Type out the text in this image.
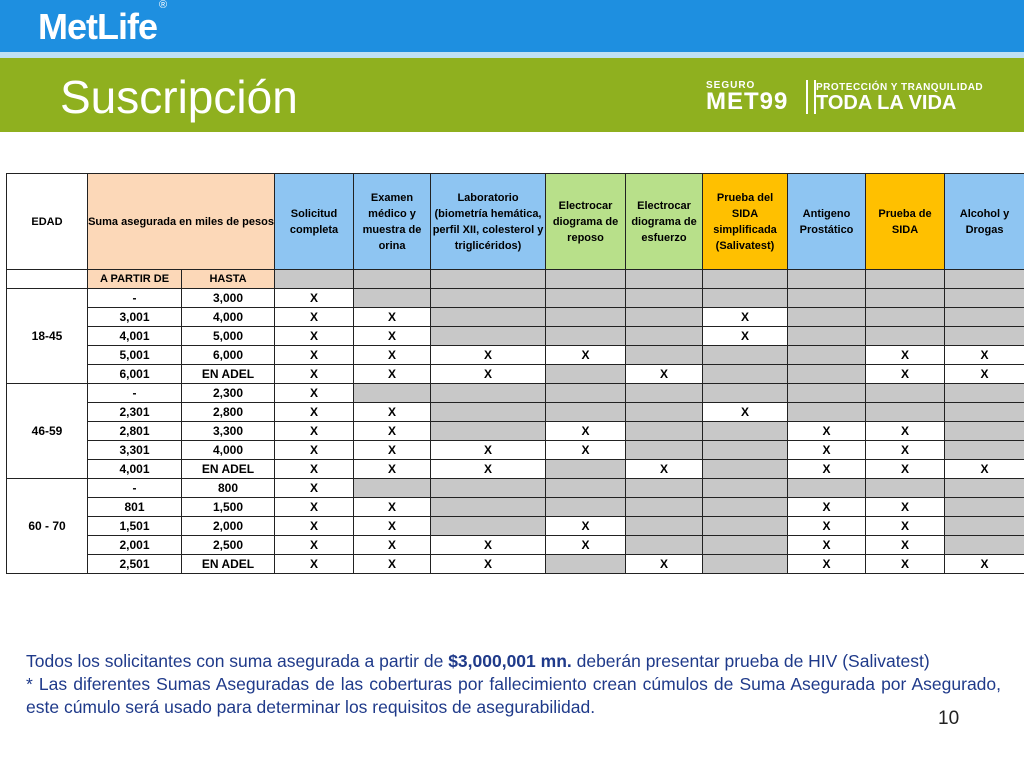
MetLife®
Suscripción	SEGURO
MET99
PROTECCIÓN Y TRANQUILIDAD
TODA LA VIDA
EDAD	Suma asegurada en miles de pesos		Solicitud completa	Examen médico y muestra de orina	Laboratorio (biometría hemática, perfil XII, colesterol y triglicéridos)	Electrocar diograma de reposo	Electrocar diograma de esfuerzo	Prueba del SIDA simplificada (Salivatest)	Antigeno Prostático	Prueba de SIDA	Alcohol y Drogas
	A PARTIR DE	HASTA									
18-45	-	3,000	X								
	3,001	4,000	X	X				X			
	4,001	5,000	X	X				X			
	5,001	6,000	X	X	X	X				X	X
	6,001	EN ADEL	X	X	X		X			X	X
46-59	-	2,300	X								
	2,301	2,800	X	X				X			
	2,801	3,300	X	X		X			X	X	
	3,301	4,000	X	X	X	X			X	X	
	4,001	EN ADEL	X	X	X		X		X	X	X
60 - 70	-	800	X								
	801	1,500	X	X					X	X	
	1,501	2,000	X	X		X			X	X	
	2,001	2,500	X	X	X	X			X	X	
	2,501	EN ADEL	X	X	X		X		X	X	X
Todos los solicitantes con suma asegurada a partir de $3,000,001 mn. deberán presentar prueba de HIV (Salivatest)
* Las diferentes Sumas Aseguradas de las coberturas por fallecimiento crean cúmulos de Suma Asegurada por Asegurado, este cúmulo será usado para determinar los requisitos de asegurabilidad.
10
